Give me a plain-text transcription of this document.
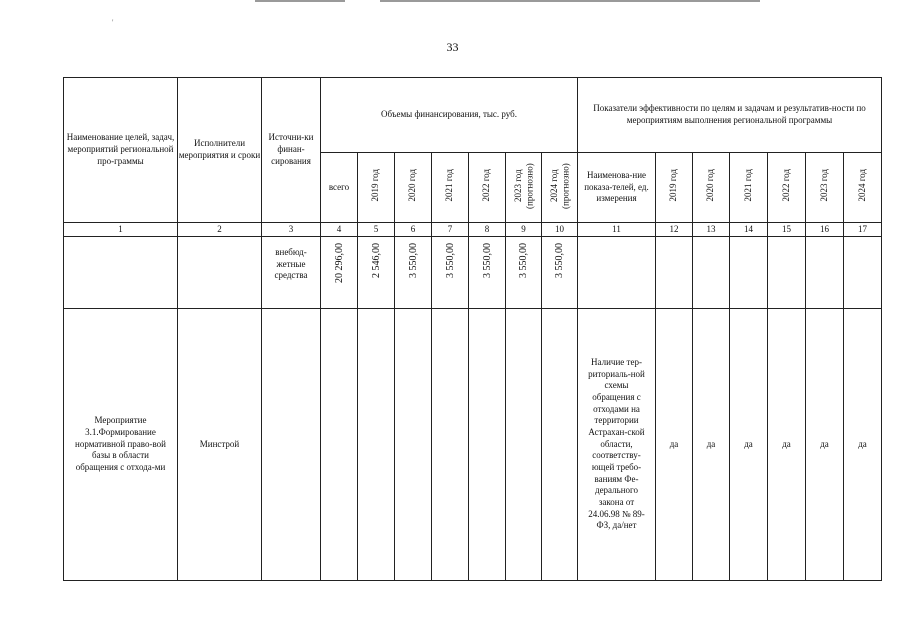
'
33
Наименование целей, задач, мероприятий региональной про-граммы	Исполнители мероприятия и сроки	Источни-ки финан-сирования	Объемы финансирования, тыс. руб.							Показатели эффективности по целям и задачам и результатив-ности по мероприятиям выполнения региональной программы						
			всего	2019 год	2020 год	2021 год	2022 год	2023 год (прогнозно)	2024 год (прогнозно)	Наименова-ние показа-телей, ед. измерения	2019 год	2020 год	2021 год	2022 год	2023 год	2024 год
1	2	3	4	5	6	7	8	9	10	11	12	13	14	15	16	17
		внебюд-жетные средства	20 296,00	2 546,00	3 550,00	3 550,00	3 550,00	3 550,00	3 550,00							
Мероприятие 3.1.Формирование нормативной право-вой базы в области обращения с отхода-ми	Минстрой									Наличие тер-риториаль-ной схемы обращения с отходами на территории Астрахан-ской области, соответству-ющей требо-ваниям Фе-дерального закона от 24.06.98 № 89-ФЗ, да/нет	да	да	да	да	да	да
